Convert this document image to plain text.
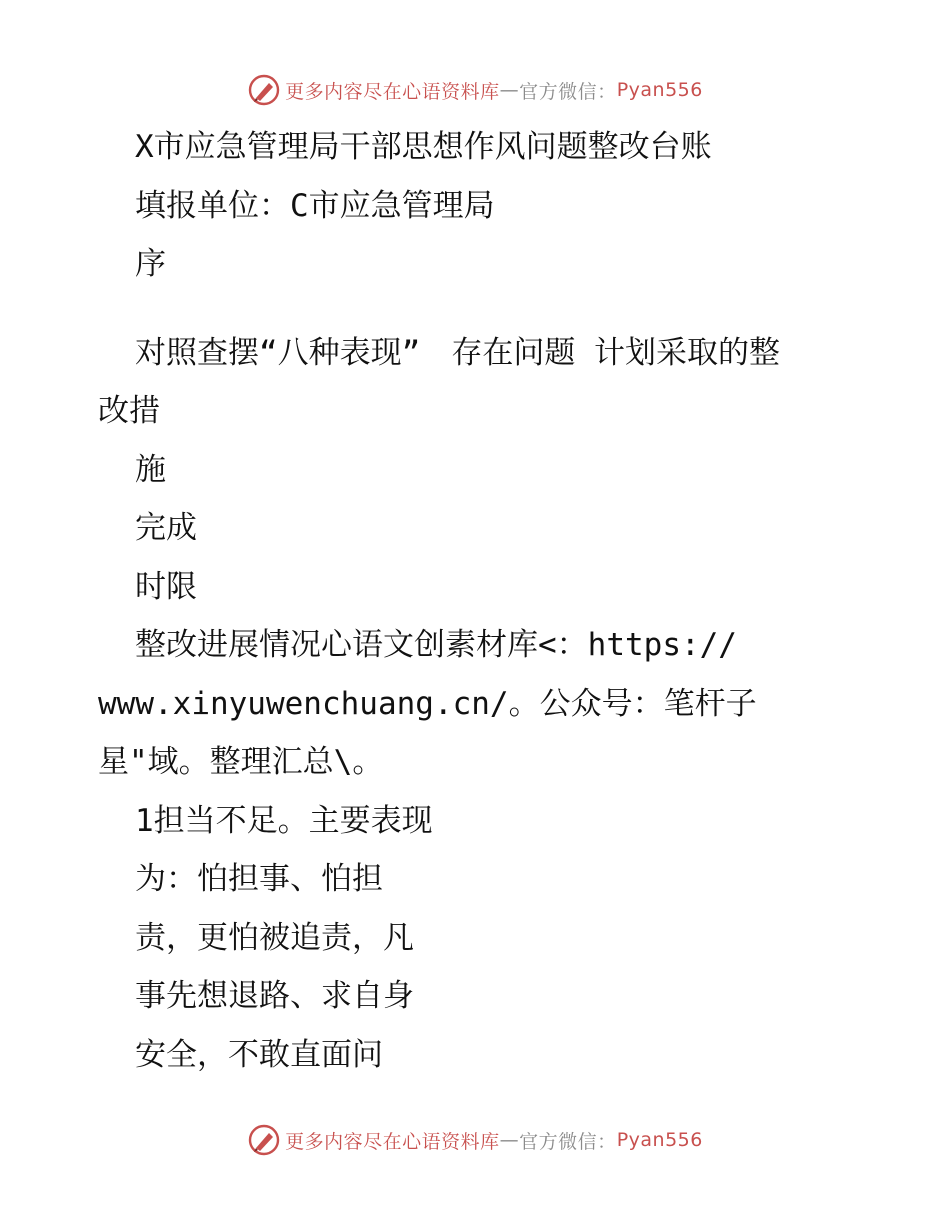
更多内容尽在心语资料库 — 官方微信： Pyan556
X市应急管理局干部思想作风问题整改台账
填报单位：C市应急管理局
序
对照查摆“八种表现”　存在问题 计划采取的整
改措
施
完成
时限
整改进展情况心语文创素材库<：https://
www.xinyuwenchuang.cn/。公众号：笔杆子
星"域。整理汇总\。
1担当不足。主要表现
为：怕担事、怕担
责，更怕被追责，凡
事先想退路、求自身
安全，不敢直面问
更多内容尽在心语资料库 — 官方微信： Pyan556
